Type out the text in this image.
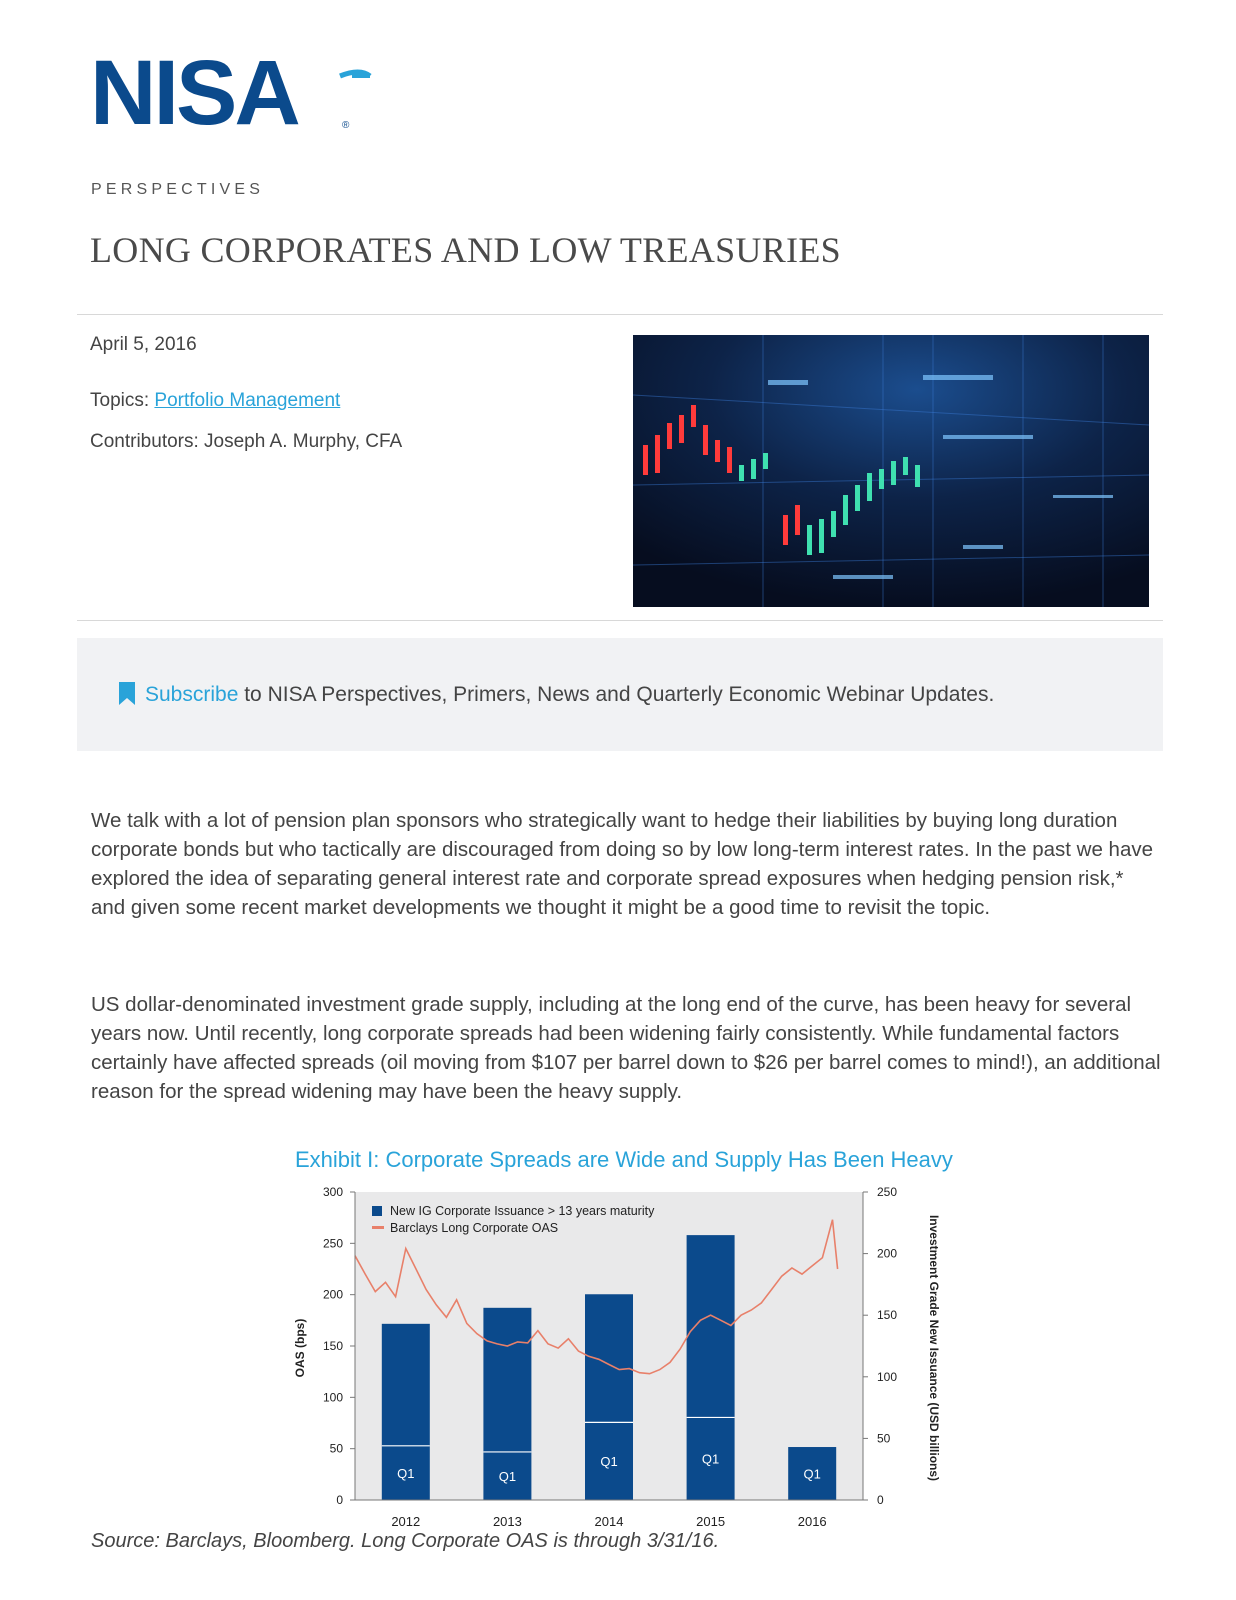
NISA	®
PERSPECTIVES
LONG CORPORATES AND LOW TREASURIES
April 5, 2016
Topics: Portfolio Management
Contributors: Joseph A. Murphy, CFA
Subscribe to NISA Perspectives, Primers, News and Quarterly Economic Webinar Updates.

We talk with a lot of pension plan sponsors who strategically want to hedge their liabilities by buying long duration corporate bonds but who tactically are discouraged from doing so by low long-term interest rates. In the past we have explored the idea of separating general interest rate and corporate spread exposures when hedging pension risk,* and given some recent market developments we thought it might be a good time to revisit the topic.

US dollar-denominated investment grade supply, including at the long end of the curve, has been heavy for several years now. Until recently, long corporate spreads had been widening fairly consistently. While fundamental factors certainly have affected spreads (oil moving from $107 per barrel down to $26 per barrel comes to mind!), an additional reason for the spread widening may have been the heavy supply.

Exhibit I: Corporate Spreads are Wide and Supply Has Been Heavy
Q1	Q1
Q1	Q1
Q1
0
50
100
150
200
250
300
0
50
100
150
200
250
2012	2013	2014	2015	2016
OAS (bps)	Investment Grade New Issuance (USD billions)
New IG Corporate Issuance > 13 years maturity
Barclays Long Corporate OAS
Source: Barclays, Bloomberg. Long Corporate OAS is through 3/31/16.
